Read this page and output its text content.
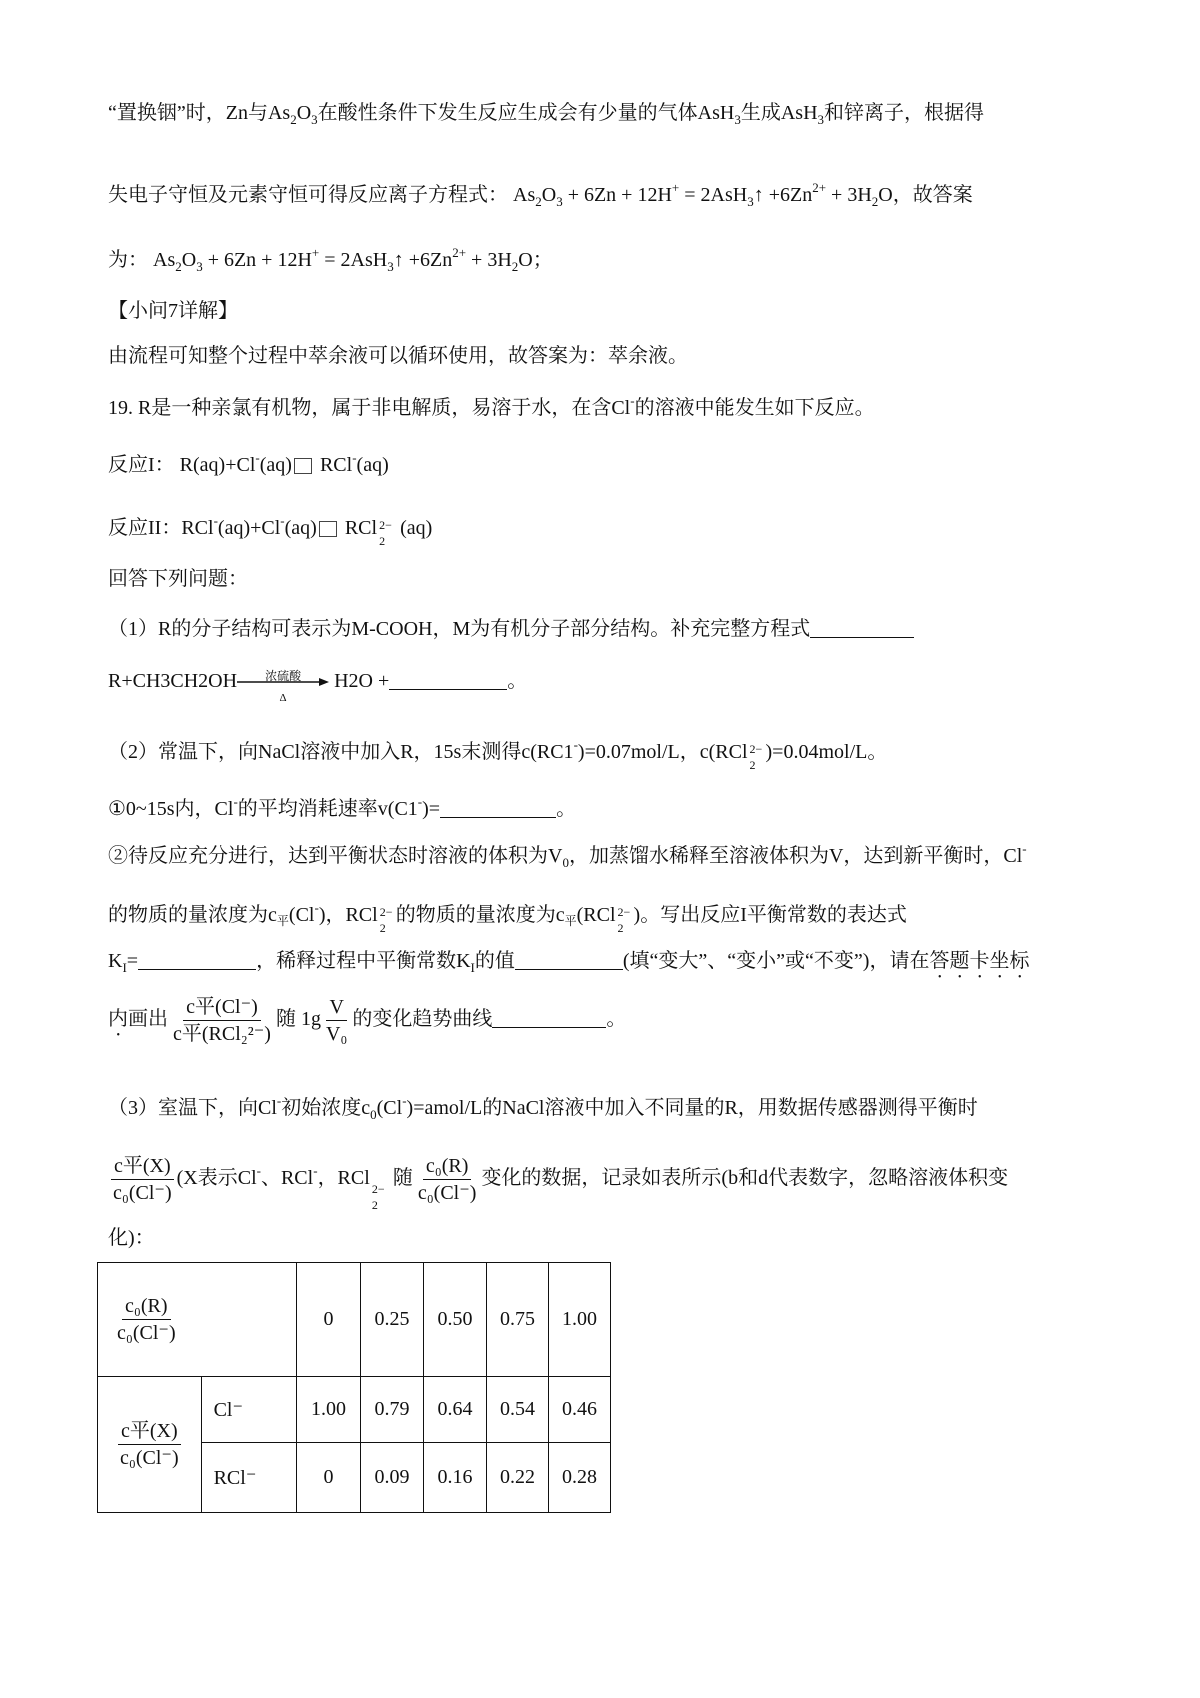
“置换铟”时，Zn与$As_2O_3$在酸性条件下发生反应生成会有少量的气体AsH$_3$生成AsH$_3$和锌离子，根据得
失电子守恒及元素守恒可得反应离子方程式： $As_2O_3 + 6Zn + 12H^+$ = 2AsH$_3$↑ $+6Zn^{2+} + 3H_2O$，故答案
为： $As_2O_3 + 6Zn + 12H^+$ = 2AsH$_3$↑ $+6Zn^{2+} + 3H_2O$；
【小问7详解】
由流程可知整个过程中萃余液可以循环使用，故答案为：萃余液。
19. R是一种亲氯有机物，属于非电解质，易溶于水，在含Cl-的溶液中能发生如下反应。
反应I： R(aq)+Cl-(aq) RCl-(aq)
反应II：RCl-(aq)+Cl-(aq) RCl 2−
2
(aq)
回答下列问题：
（1）R的分子结构可表示为M-COOH，M为有机分子部分结构。补充完整方程式
R+CH3CH2OH	浓硫酸
Δ
H2O +	。
（2）常温下，向NaCl溶液中加入R，15s末测得c(RC1-)=0.07mol/L，c(RCl 2−
2
)=0.04mol/L。
①0~15s内，Cl-的平均消耗速率v(C1-)=	。
②待反应充分进行，达到平衡状态时溶液的体积为$V_0$，加蒸馏水稀释至溶液体积为V，达到新平衡时，Cl-
的物质的量浓度为$c_平(Cl^-)$，RCl 2−
2
的物质的量浓度为$c_平(RCl$ 2−
2
)。写出反应I平衡常数的表达式
$K_I=$	，稀释过程中平衡常数$K_I$的值	(填“变大”、“变小”或“不变”)，请在答题卡坐标
内画出 $\frac{\text{c平(Cl⁻)}}{\text{c平(RCl₂²⁻)}}$ 随 $1g \frac{V}{\text{V₀}}$ 的变化趋势曲线	。
（3）室温下，向Cl-初始浓度$c_0(Cl^-)=amol/L$的NaCl溶液中加入不同量的R，用数据传感器测得平衡时
$\frac{\text{c平(X)}}{\text{c₀(Cl⁻)}} (X$表示Cl-、RCl-，RCl
2−
2
随 $\frac{\text{c₀(R)}}{\text{c₀(Cl⁻)}}$ 变化的数据，记录如表所示(b和d代表数字，忽略溶液体积变
化)：
$\frac{\text{c₀(R)}}{\text{c₀(Cl⁻)}}$		0	0.25	0.50	0.75	1.00

$\frac{\text{c平(X)}}{\text{c₀(Cl⁻)}}$	Cl⁻	1.00	0.79	0.64	0.54	0.46
	RCl⁻	0	0.09	0.16	0.22	0.28
